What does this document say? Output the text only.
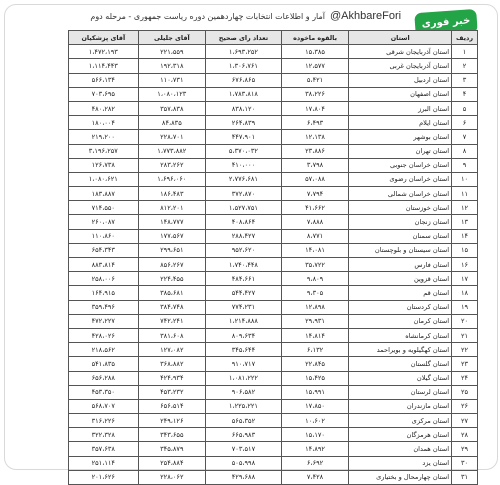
خبر فوری
@AkhbareFori
آمار و اطلاعات انتخابات چهاردهمین دوره ریاست جمهوری - مرحله دوم
ردیف	استان	بالقوه ماخوده	تعداد رای صحیح	آقای جلیلی	آقای پزشکیان
۱	استان آذربایجان شرقی	۱۵،۳۸۵	۱،۶۹۳،۲۵۲	۲۲۱،۵۵۹	۱،۴۷۲،۱۹۳
۲	استان آذربایجان غربی	۱۲،۵۷۷	۱،۳۰۶،۷۶۱	۱۹۲،۳۱۸	۱،۱۱۴،۴۴۳
۳	استان اردبیل	۵،۴۲۱	۶۷۶،۸۶۵	۱۱۰،۷۳۱	۵۶۶،۱۳۴
۴	استان اصفهان	۳۸،۲۲۶	۱،۷۸۳،۸۱۸	۱،۰۸۰،۱۲۳	۷۰۳،۶۹۵
۵	استان البرز	۱۷،۸۰۴	۸۳۸،۱۲۰	۳۵۷،۸۳۸	۴۸۰،۲۸۲
۶	استان ایلام	۶،۴۹۳	۲۶۴،۸۳۹	۸۴،۸۳۵	۱۸۰،۰۰۴
۷	استان بوشهر	۱۲،۱۳۸	۴۴۷،۹۰۱	۲۲۸،۷۰۱	۲۱۹،۲۰۰
۸	استان تهران	۲۳،۸۸۶	۵،۳۷۰،۰۳۲	۱،۷۷۳،۸۸۲	۳،۱۹۶،۲۵۷
۹	استان خراسان جنوبی	۳،۷۹۸	۴۱۰،۰۰۰	۲۸۳،۲۶۲	۱۲۶،۷۳۸
۱۰	استان خراسان رضوی	۵۷،۰۸۸	۲،۷۷۶،۶۸۱	۱،۶۹۶،۰۶۰	۱،۰۸۰،۶۲۱
۱۱	استان خراسان شمالی	۷،۷۹۴	۳۷۲،۸۷۰	۱۸۶،۴۸۳	۱۸۳،۸۸۷
۱۲	استان خوزستان	۴۱،۶۶۲	۱،۵۲۷،۷۵۱	۸۱۲،۲۰۱	۷۱۴،۵۵۰
۱۳	استان زنجان	۷،۸۸۸	۴۰۸،۸۶۴	۱۴۸،۷۷۷	۲۶۰،۰۸۷
۱۴	استان سمنان	۸،۷۷۱	۲۸۸،۴۲۷	۱۷۷،۵۶۷	۱۱۰،۸۶۰
۱۵	استان سیستان و بلوچستان	۱۴،۰۸۱	۹۵۲،۶۲۰	۲۹۹،۶۵۱	۶۵۴،۳۴۳
۱۶	استان فارس	۳۵،۷۲۲	۱،۷۴۰،۴۴۸	۸۵۶،۲۶۷	۸۸۳،۸۱۴
۱۷	استان قزوین	۹،۸۰۹	۴۸۴،۶۶۱	۲۲۴،۴۵۵	۲۵۸،۰۰۶
۱۸	استان قم	۹،۳۰۵	۵۴۴،۴۲۷	۳۸۵،۶۸۱	۱۶۴،۹۱۵
۱۹	استان کردستان	۱۲،۸۹۸	۷۷۴،۲۳۱	۳۸۴،۷۴۸	۳۵۹،۴۹۶
۲۰	استان کرمان	۲۹،۹۳۱	۱،۲۱۴،۸۸۸	۷۴۲،۲۴۱	۴۷۲،۲۲۷
۲۱	استان کرمانشاه	۱۴،۸۱۴	۸۰۹،۶۳۴	۳۸۱،۶۰۸	۴۲۸،۰۲۶
۲۲	استان کهگیلویه و بویراحمد	۶،۱۳۲	۳۴۵،۶۴۴	۱۲۷،۰۸۲	۲۱۸،۵۶۲
۲۳	استان گلستان	۲۲،۸۴۵	۹۱۰،۷۱۷	۳۶۸،۸۸۲	۵۴۱،۸۳۵
۲۴	استان گیلان	۱۵،۴۲۵	۱،۰۸۱،۲۲۲	۴۲۴،۹۳۴	۶۵۶،۲۸۸
۲۵	استان لرستان	۱۵،۹۹۱	۹۰۶،۵۸۲	۴۵۳،۲۳۲	۴۵۳،۳۵۰
۲۶	استان مازندران	۱۷،۸۵۰	۱،۲۲۵،۲۲۱	۶۵۶،۵۱۴	۵۶۸،۷۰۷
۲۷	استان مرکزی	۱۰،۶۰۲	۵۶۵،۳۵۲	۲۴۹،۱۲۶	۳۱۶،۲۲۶
۲۸	استان هرمزگان	۱۵،۱۷۰	۶۶۵،۹۸۳	۳۴۳،۶۵۵	۳۲۲،۳۲۸
۲۹	استان همدان	۱۴،۸۹۲	۷۰۳،۵۱۷	۳۴۵،۸۷۹	۳۵۷،۶۳۸
۳۰	استان یزد	۶،۶۹۲	۵۰۵،۹۹۸	۲۵۴،۸۸۴	۲۵۱،۱۱۴
۳۱	استان چهارمحال و بختیاری	۷،۴۲۸	۴۲۹،۶۸۸	۲۲۸،۰۶۲	۲۰۱،۶۲۶
